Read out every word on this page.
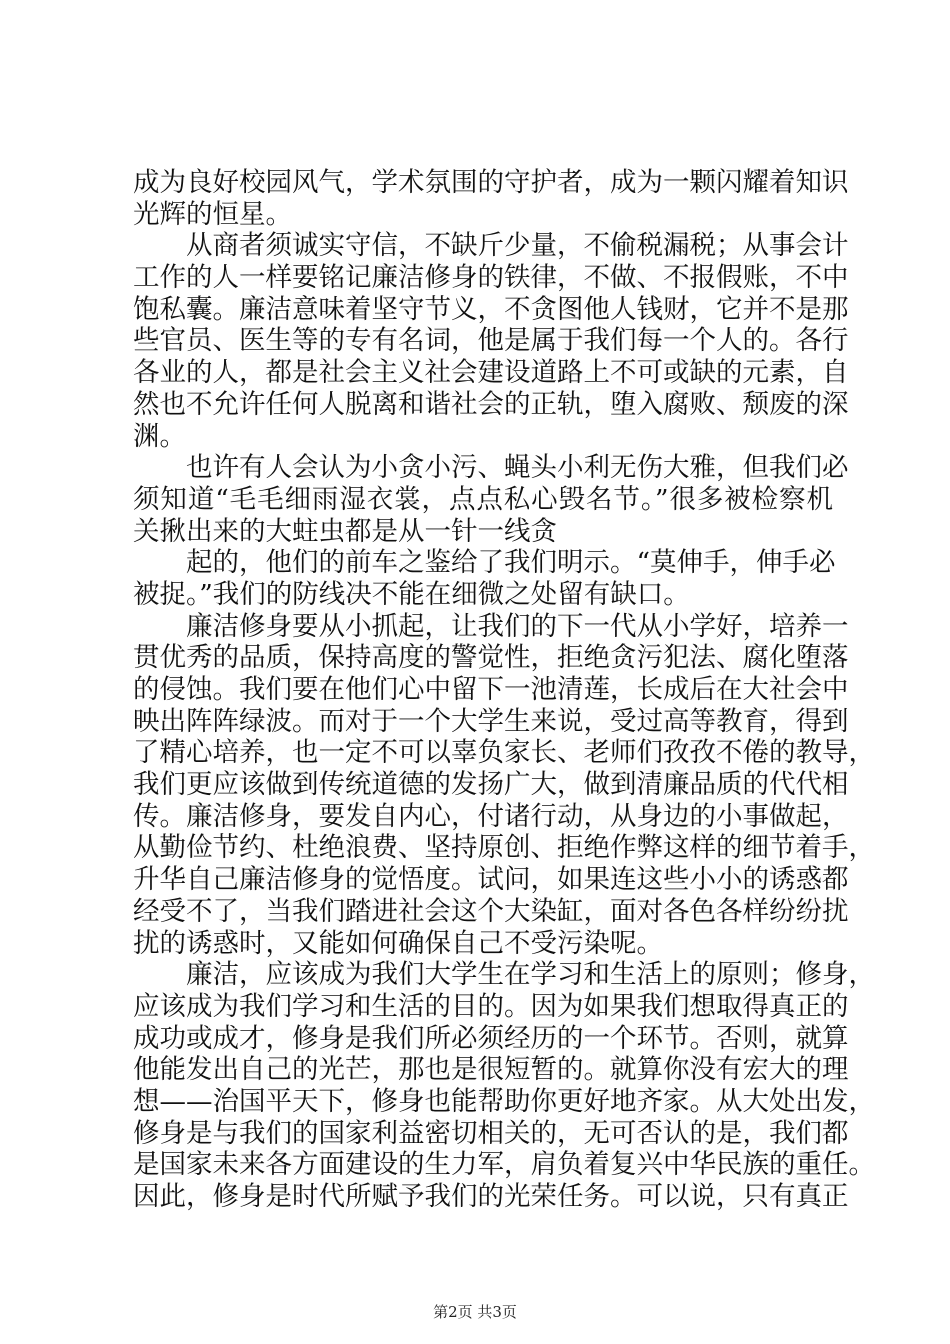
成为良好校园风气，学术氛围的守护者，成为一颗闪耀着知识
光辉的恒星。
从商者须诚实守信，不缺斤少量，不偷税漏税；从事会计
工作的人一样要铭记廉洁修身的铁律，不做、不报假账，不中
饱私囊。廉洁意味着坚守节义，不贪图他人钱财，它并不是那
些官员、医生等的专有名词，他是属于我们每一个人的。各行
各业的人，都是社会主义社会建设道路上不可或缺的元素，自
然也不允许任何人脱离和谐社会的正轨，堕入腐败、颓废的深
渊。
也许有人会认为小贪小污、蝇头小利无伤大雅，但我们必
须知道“毛毛细雨湿衣裳，点点私心毁名节。”很多被检察机
关揪出来的大蛀虫都是从一针一线贪
起的，他们的前车之鉴给了我们明示。“莫伸手，伸手必
被捉。”我们的防线决不能在细微之处留有缺口。
廉洁修身要从小抓起，让我们的下一代从小学好，培养一
贯优秀的品质，保持高度的警觉性，拒绝贪污犯法、腐化堕落
的侵蚀。我们要在他们心中留下一池清莲，长成后在大社会中
映出阵阵绿波。而对于一个大学生来说，受过高等教育，得到
了精心培养，也一定不可以辜负家长、老师们孜孜不倦的教导，
我们更应该做到传统道德的发扬广大，做到清廉品质的代代相
传。廉洁修身，要发自内心，付诸行动，从身边的小事做起，
从勤俭节约、杜绝浪费、坚持原创、拒绝作弊这样的细节着手，
升华自己廉洁修身的觉悟度。试问，如果连这些小小的诱惑都
经受不了，当我们踏进社会这个大染缸，面对各色各样纷纷扰
扰的诱惑时，又能如何确保自己不受污染呢。
廉洁，应该成为我们大学生在学习和生活上的原则；修身，
应该成为我们学习和生活的目的。因为如果我们想取得真正的
成功或成才，修身是我们所必须经历的一个环节。否则，就算
他能发出自己的光芒，那也是很短暂的。就算你没有宏大的理
想——治国平天下，修身也能帮助你更好地齐家。从大处出发，
修身是与我们的国家利益密切相关的，无可否认的是，我们都
是国家未来各方面建设的生力军，肩负着复兴中华民族的重任。
因此，修身是时代所赋予我们的光荣任务。可以说，只有真正
第2页 共3页
